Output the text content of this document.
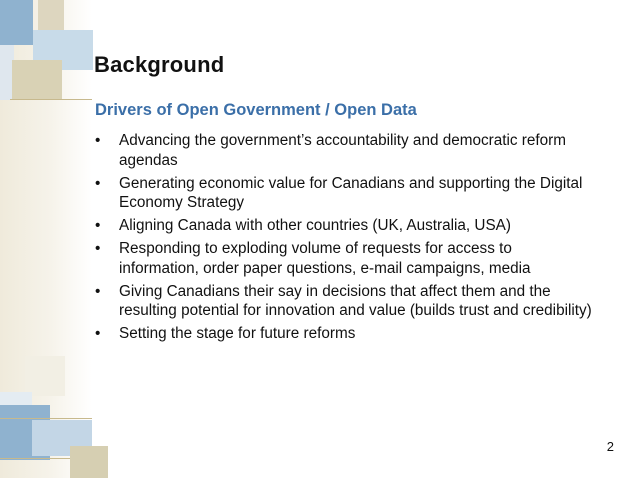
Background
Drivers of Open Government / Open Data
•	Advancing the government’s accountability and democratic reform agendas
•	Generating economic value for Canadians and supporting the Digital Economy Strategy
•	Aligning Canada with other countries (UK, Australia, USA)
•	Responding to exploding volume of requests for access to information, order paper questions, e-mail campaigns, media
•	Giving Canadians their say in decisions that affect them and the resulting potential for innovation and value (builds trust and credibility)
•	Setting the stage for future reforms
2
